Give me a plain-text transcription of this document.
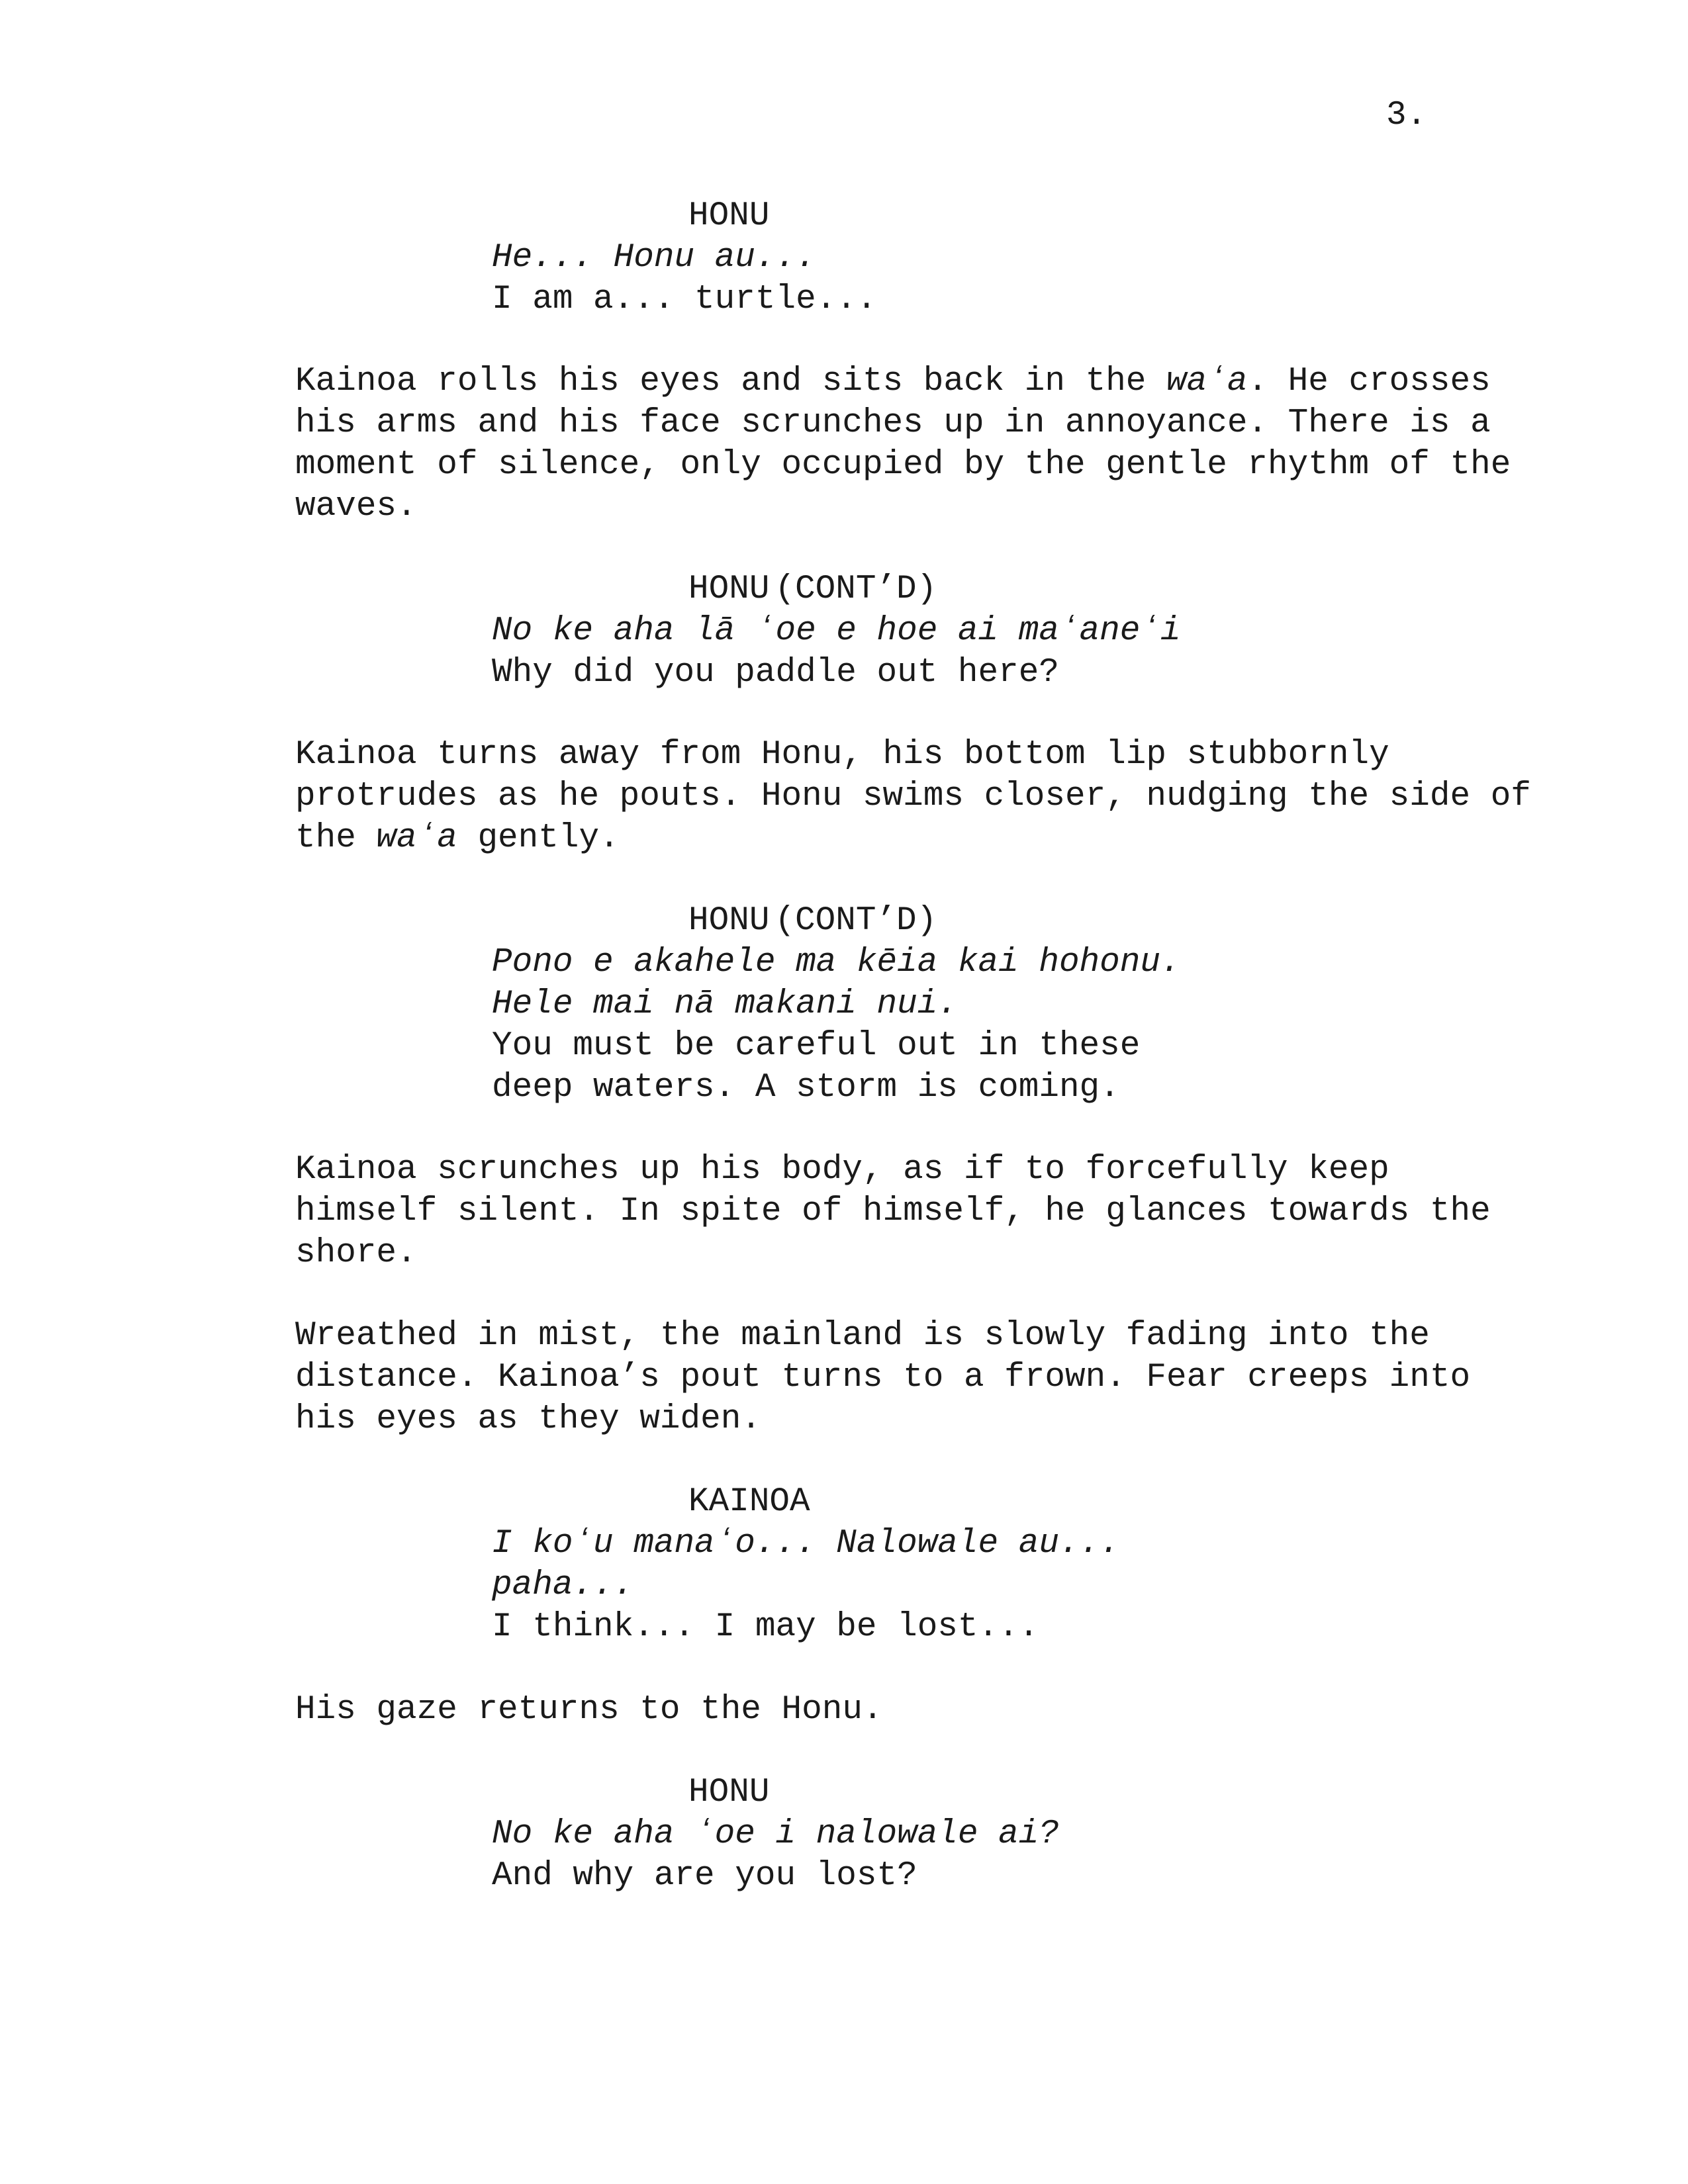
3.

HONU

He... Honu au...

I am a... turtle...

Kainoa rolls his eyes and sits back in the waʻa. He crosses

his arms and his face scrunches up in annoyance. There is a

moment of silence, only occupied by the gentle rhythm of the

waves.

HONU (CONT’D)

No ke aha lā ʻoe e hoe ai maʻaneʻi

Why did you paddle out here?

Kainoa turns away from Honu, his bottom lip stubbornly

protrudes as he pouts. Honu swims closer, nudging the side of

the waʻa gently.

HONU (CONT’D)

Pono e akahele ma kēia kai hohonu.

Hele mai nā makani nui.

You must be careful out in these

deep waters. A storm is coming.

Kainoa scrunches up his body, as if to forcefully keep

himself silent. In spite of himself, he glances towards the

shore.

Wreathed in mist, the mainland is slowly fading into the

distance. Kainoa’s pout turns to a frown. Fear creeps into

his eyes as they widen.

KAINOA

I koʻu manaʻo... Nalowale au...

paha...

I think... I may be lost...

His gaze returns to the Honu.

HONU

No ke aha ʻoe i nalowale ai?

And why are you lost?
